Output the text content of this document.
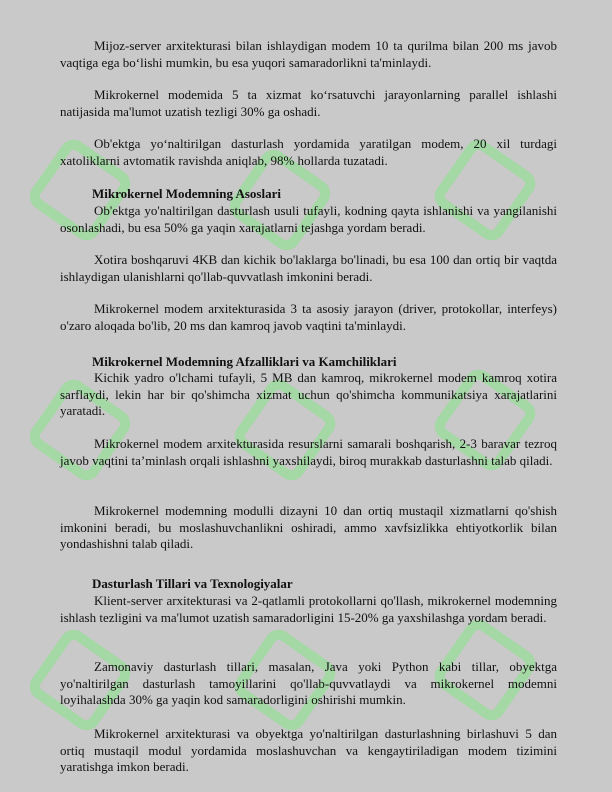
Mijoz-server arxitekturasi bilan ishlaydigan modem 10 ta qurilma bilan 200 ms javob vaqtiga ega bo‘lishi mumkin, bu esa yuqori samaradorlikni ta'minlaydi.

Mikrokernel modemida 5 ta xizmat ko‘rsatuvchi jarayonlarning parallel ishlashi natijasida ma'lumot uzatish tezligi 30% ga oshadi.

Ob'ektga yo‘naltirilgan dasturlash yordamida yaratilgan modem, 20 xil turdagi xatoliklarni avtomatik ravishda aniqlab, 98% hollarda tuzatadi.

Mikrokernel Modemning Asoslari

Ob'ektga yo'naltirilgan dasturlash usuli tufayli, kodning qayta ishlanishi va yangilanishi osonlashadi, bu esa 50% ga yaqin xarajatlarni tejashga yordam beradi.

Xotira boshqaruvi 4KB dan kichik bo'laklarga bo'linadi, bu esa 100 dan ortiq bir vaqtda ishlaydigan ulanishlarni qo'llab-quvvatlash imkonini beradi.

Mikrokernel modem arxitekturasida 3 ta asosiy jarayon (driver, protokollar, interfeys) o'zaro aloqada bo'lib, 20 ms dan kamroq javob vaqtini ta'minlaydi.

Mikrokernel Modemning Afzalliklari va Kamchiliklari

Kichik yadro o'lchami tufayli, 5 MB dan kamroq, mikrokernel modem kamroq xotira sarflaydi, lekin har bir qo'shimcha xizmat uchun qo'shimcha kommunikatsiya xarajatlarini yaratadi.

Mikrokernel modem arxitekturasida resurslarni samarali boshqarish, 2-3 baravar tezroq javob vaqtini ta’minlash orqali ishlashni yaxshilaydi, biroq murakkab dasturlashni talab qiladi.

Mikrokernel modemning modulli dizayni 10 dan ortiq mustaqil xizmatlarni qo'shish imkonini beradi, bu moslashuvchanlikni oshiradi, ammo xavfsizlikka ehtiyotkorlik bilan yondashishni talab qiladi.

Dasturlash Tillari va Texnologiyalar

Klient-server arxitekturasi va 2-qatlamli protokollarni qo'llash, mikrokernel modemning ishlash tezligini va ma'lumot uzatish samaradorligini 15-20% ga yaxshilashga yordam beradi.

Zamonaviy dasturlash tillari, masalan, Java yoki Python kabi tillar, obyektga yo'naltirilgan dasturlash tamoyillarini qo'llab-quvvatlaydi va mikrokernel modemni loyihalashda 30% ga yaqin kod samaradorligini oshirishi mumkin.

Mikrokernel arxitekturasi va obyektga yo'naltirilgan dasturlashning birlashuvi 5 dan ortiq mustaqil modul yordamida moslashuvchan va kengaytiriladigan modem tizimini yaratishga imkon beradi.
